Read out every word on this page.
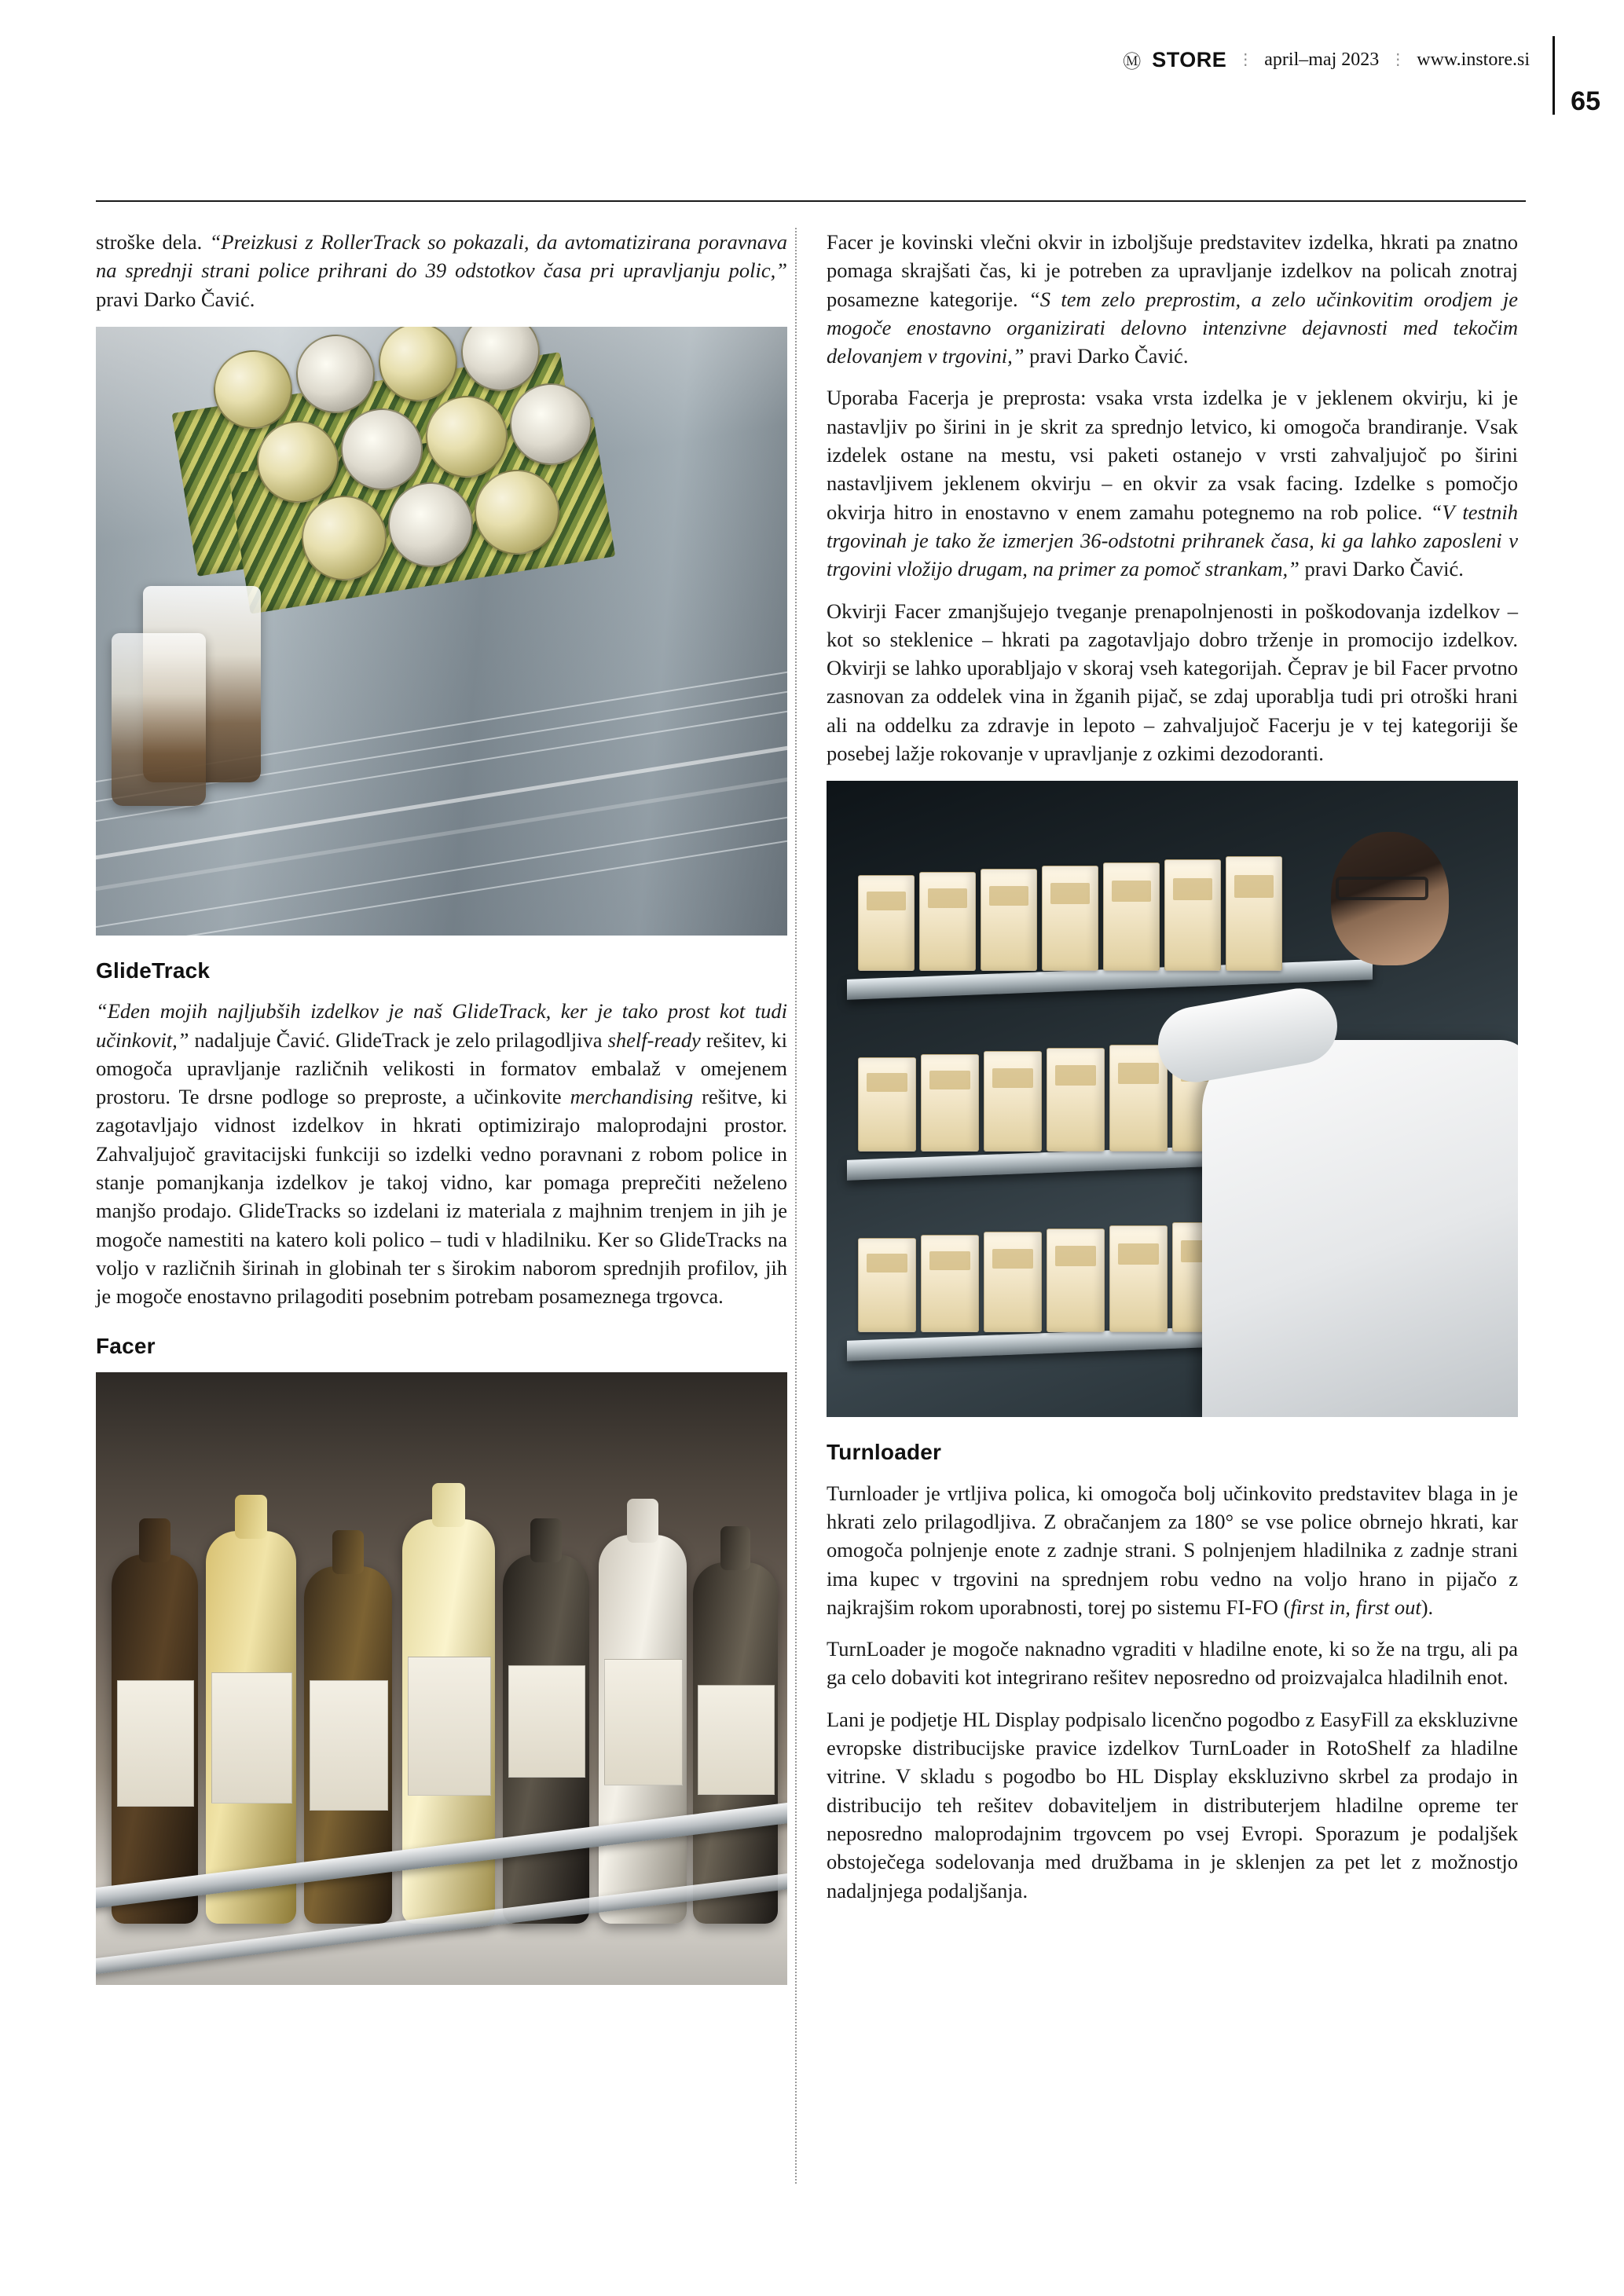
Ⓜ STORE ⋮ april–maj 2023 ⋮ www.instore.si
65

stroške dela. “Preizkusi z RollerTrack so pokazali, da avtomatizirana poravnava na sprednji strani police prihrani do 39 odstotkov časa pri upravljanju polic,” pravi Darko Čavić.

GlideTrack

“Eden mojih najljubših izdelkov je naš GlideTrack, ker je tako prost kot tudi učinkovit,” nadaljuje Čavić. GlideTrack je zelo prilagodljiva shelf-ready rešitev, ki omogoča upravljanje različnih velikosti in formatov embalaž v omejenem prostoru. Te drsne podloge so preproste, a učinkovite merchandising rešitve, ki zagotavljajo vidnost izdelkov in hkrati optimizirajo maloprodajni prostor. Zahvaljujoč gravitacijski funkciji so izdelki vedno poravnani z robom police in stanje pomanjkanja izdelkov je takoj vidno, kar pomaga preprečiti neželeno manjšo prodajo. GlideTracks so izdelani iz materiala z majhnim trenjem in jih je mogoče namestiti na katero koli polico – tudi v hladilniku. Ker so GlideTracks na voljo v različnih širinah in globinah ter s širokim naborom sprednjih profilov, jih je mogoče enostavno prilagoditi posebnim potrebam posameznega trgovca.

Facer

Facer je kovinski vlečni okvir in izboljšuje predstavitev izdelka, hkrati pa znatno pomaga skrajšati čas, ki je potreben za upravljanje izdelkov na policah znotraj posamezne kategorije. “S tem zelo preprostim, a zelo učinkovitim orodjem je mogoče enostavno organizirati delovno intenzivne dejavnosti med tekočim delovanjem v trgovini,” pravi Darko Čavić.

Uporaba Facerja je preprosta: vsaka vrsta izdelka je v jeklenem okvirju, ki je nastavljiv po širini in je skrit za sprednjo letvico, ki omogoča brandiranje. Vsak izdelek ostane na mestu, vsi paketi ostanejo v vrsti zahvaljujoč po širini nastavljivem jeklenem okvirju – en okvir za vsak facing. Izdelke s pomočjo okvirja hitro in enostavno v enem zamahu potegnemo na rob police. “V testnih trgovinah je tako že izmerjen 36-odstotni prihranek časa, ki ga lahko zaposleni v trgovini vložijo drugam, na primer za pomoč strankam,” pravi Darko Čavić.

Okvirji Facer zmanjšujejo tveganje prenapolnjenosti in poškodovanja izdelkov – kot so steklenice – hkrati pa zagotavljajo dobro trženje in promocijo izdelkov. Okvirji se lahko uporabljajo v skoraj vseh kategorijah. Čeprav je bil Facer prvotno zasnovan za oddelek vina in žganih pijač, se zdaj uporablja tudi pri otroški hrani ali na oddelku za zdravje in lepoto – zahvaljujoč Facerju je v tej kategoriji še posebej lažje rokovanje v upravljanje z ozkimi dezodoranti.

Turnloader

Turnloader je vrtljiva polica, ki omogoča bolj učinkovito predstavitev blaga in je hkrati zelo prilagodljiva. Z obračanjem za 180° se vse police obrnejo hkrati, kar omogoča polnjenje enote z zadnje strani. S polnjenjem hladilnika z zadnje strani ima kupec v trgovini na sprednjem robu vedno na voljo hrano in pijačo z najkrajšim rokom uporabnosti, torej po sistemu FI-FO (first in, first out).

TurnLoader je mogoče naknadno vgraditi v hladilne enote, ki so že na trgu, ali pa ga celo dobaviti kot integrirano rešitev neposredno od proizvajalca hladilnih enot.

Lani je podjetje HL Display podpisalo licenčno pogodbo z EasyFill za ekskluzivne evropske distribucijske pravice izdelkov TurnLoader in RotoShelf za hladilne vitrine. V skladu s pogodbo bo HL Display ekskluzivno skrbel za prodajo in distribucijo teh rešitev dobaviteljem in distributerjem hladilne opreme ter neposredno maloprodajnim trgovcem po vsej Evropi. Sporazum je podaljšek obstoječega sodelovanja med družbama in je sklenjen za pet let z možnostjo nadaljnjega podaljšanja.
